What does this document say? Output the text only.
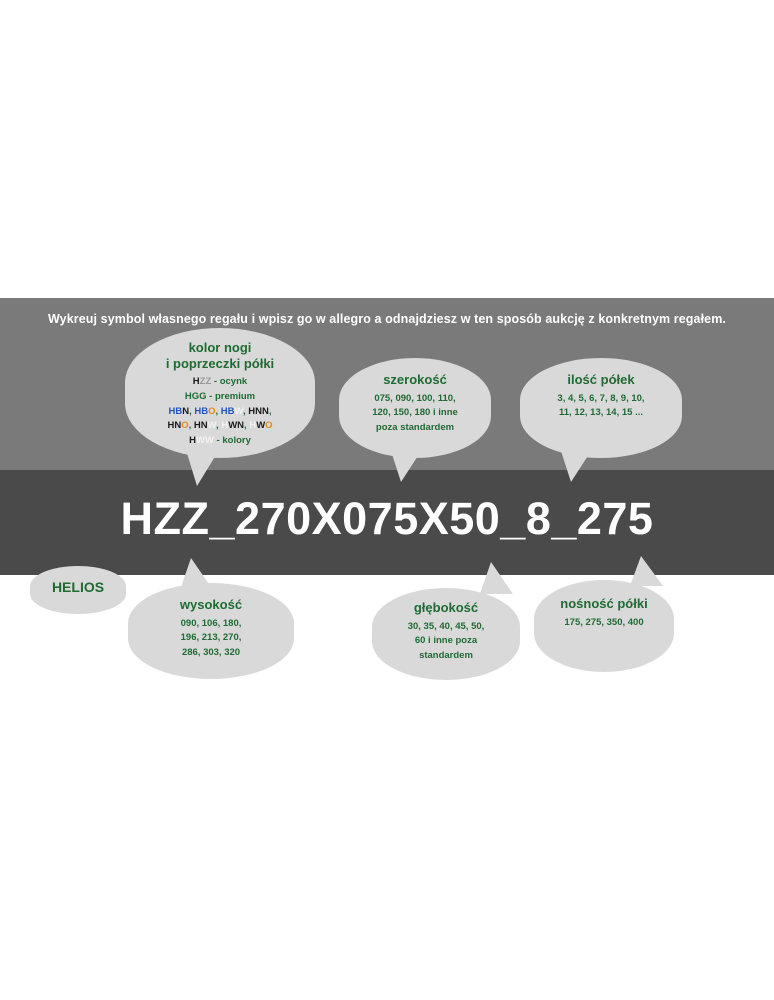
Wykreuj symbol własnego regału i wpisz go w allegro a odnajdziesz w ten sposób aukcję z konkretnym regałem.
HZZ_270X075X50_8_275
kolor nogi
i poprzeczki półki
HZZ - ocynk
HGG - premium
HBN, HBO, HBW, HNN,
HNO, HNW, HWN, HWO
HWW - kolory
szerokość
075, 090, 100, 110,
120, 150, 180 i inne
poza standardem
ilość półek
3, 4, 5, 6, 7, 8, 9, 10,
11, 12, 13, 14, 15 ...
HELIOS
wysokość
090, 106, 180,
196, 213, 270,
286, 303, 320
głębokość
30, 35, 40, 45, 50,
60 i inne poza
standardem
nośność półki
175, 275, 350, 400
